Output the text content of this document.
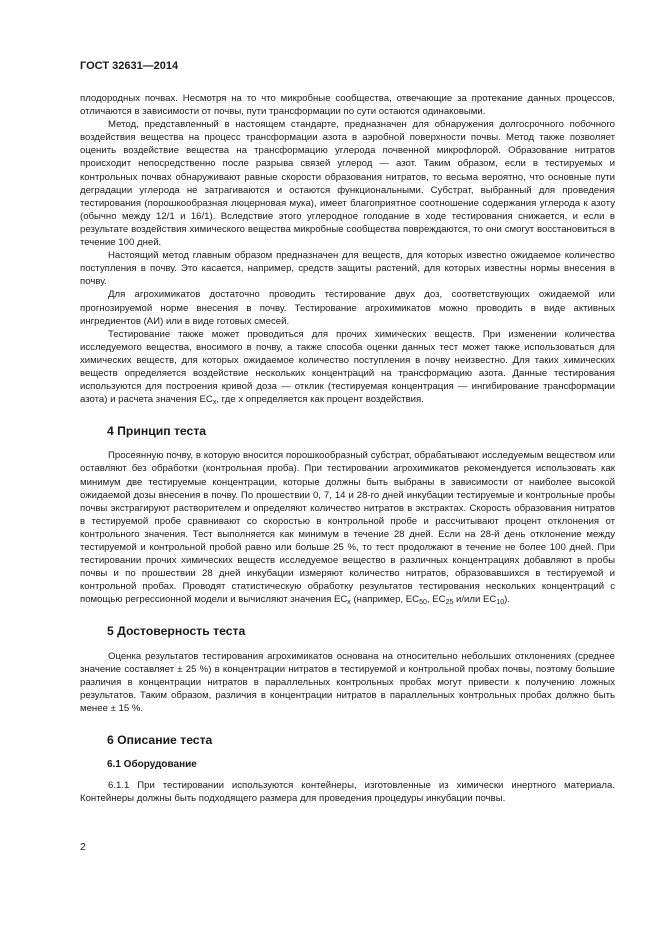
ГОСТ 32631—2014

плодородных почвах. Несмотря на то что микробные сообщества, отвечающие за протекание данных процессов, отличаются в зависимости от почвы, пути трансформации по сути остаются одинаковыми.

Метод, представленный в настоящем стандарте, предназначен для обнаружения долгосрочного побочного воздействия вещества на процесс трансформации азота в аэробной поверхности почвы. Метод также позволяет оценить воздействие вещества на трансформацию углерода почвенной микрофлорой. Образование нитратов происходит непосредственно после разрыва связей углерод — азот. Таким образом, если в тестируемых и контрольных почвах обнаруживают равные скорости образования нитратов, то весьма вероятно, что основные пути деградации углерода не затрагиваются и остаются функциональными. Субстрат, выбранный для проведения тестирования (порошкообразная люцерновая мука), имеет благоприятное соотношение содержания углерода к азоту (обычно между 12/1 и 16/1). Вследствие этого углеродное голодание в ходе тестирования снижается, и если в результате воздействия химического вещества микробные сообщества повреждаются, то они смогут восстановиться в течение 100 дней.

Настоящий метод главным образом предназначен для веществ, для которых известно ожидаемое количество поступления в почву. Это касается, например, средств защиты растений, для которых известны нормы внесения в почву.

Для агрохимикатов достаточно проводить тестирование двух доз, соответствующих ожидаемой или прогнозируемой норме внесения в почву. Тестирование агрохимикатов можно проводить в виде активных ингредиентов (АИ) или в виде готовых смесей.

Тестирование также может проводиться для прочих химических веществ. При изменении количества исследуемого вещества, вносимого в почву, а также способа оценки данных тест может также использоваться для химических веществ, для которых ожидаемое количество поступления в почву неизвестно. Для таких химических веществ определяется воздействие нескольких концентраций на трансформацию азота. Данные тестирования используются для построения кривой доза — отклик (тестируемая концентрация — ингибирование трансформации азота) и расчета значения $EC_x$, где x определяется как процент воздействия.

4 Принцип теста

Просеянную почву, в которую вносится порошкообразный субстрат, обрабатывают исследуемым веществом или оставляют без обработки (контрольная проба). При тестировании агрохимикатов рекомендуется использовать как минимум две тестируемые концентрации, которые должны быть выбраны в зависимости от наиболее высокой ожидаемой дозы внесения в почву. По прошествии 0, 7, 14 и 28-го дней инкубации тестируемые и контрольные пробы почвы экстрагируют растворителем и определяют количество нитратов в экстрактах. Скорость образования нитратов в тестируемой пробе сравнивают со скоростью в контрольной пробе и рассчитывают процент отклонения от контрольного значения. Тест выполняется как минимум в течение 28 дней. Если на 28-й день отклонение между тестируемой и контрольной пробой равно или больше 25 %, то тест продолжают в течение не более 100 дней. При тестировании прочих химических веществ исследуемое вещество в различных концентрациях добавляют в пробы почвы и по прошествии 28 дней инкубации измеряют количество нитратов, образовавшихся в тестируемой и контрольной пробах. Проводят статистическую обработку результатов тестирования нескольких концентраций с помощью регрессионной модели и вычисляют значения $EC_x$ (например, $EC_{50}$, $EC_{25}$ и/или $EC_{10}$).

5 Достоверность теста

Оценка результатов тестирования агрохимикатов основана на относительно небольших отклонениях (среднее значение составляет ± 25 %) в концентрации нитратов в тестируемой и контрольной пробах почвы, поэтому большие различия в концентрации нитратов в параллельных контрольных пробах могут привести к получению ложных результатов. Таким образом, различия в концентрации нитратов в параллельных контрольных пробах должно быть менее ± 15 %.

6 Описание теста
6.1 Оборудование

6.1.1 При тестировании используются контейнеры, изготовленные из химически инертного материала. Контейнеры должны быть подходящего размера для проведения процедуры инкубации почвы.

2
